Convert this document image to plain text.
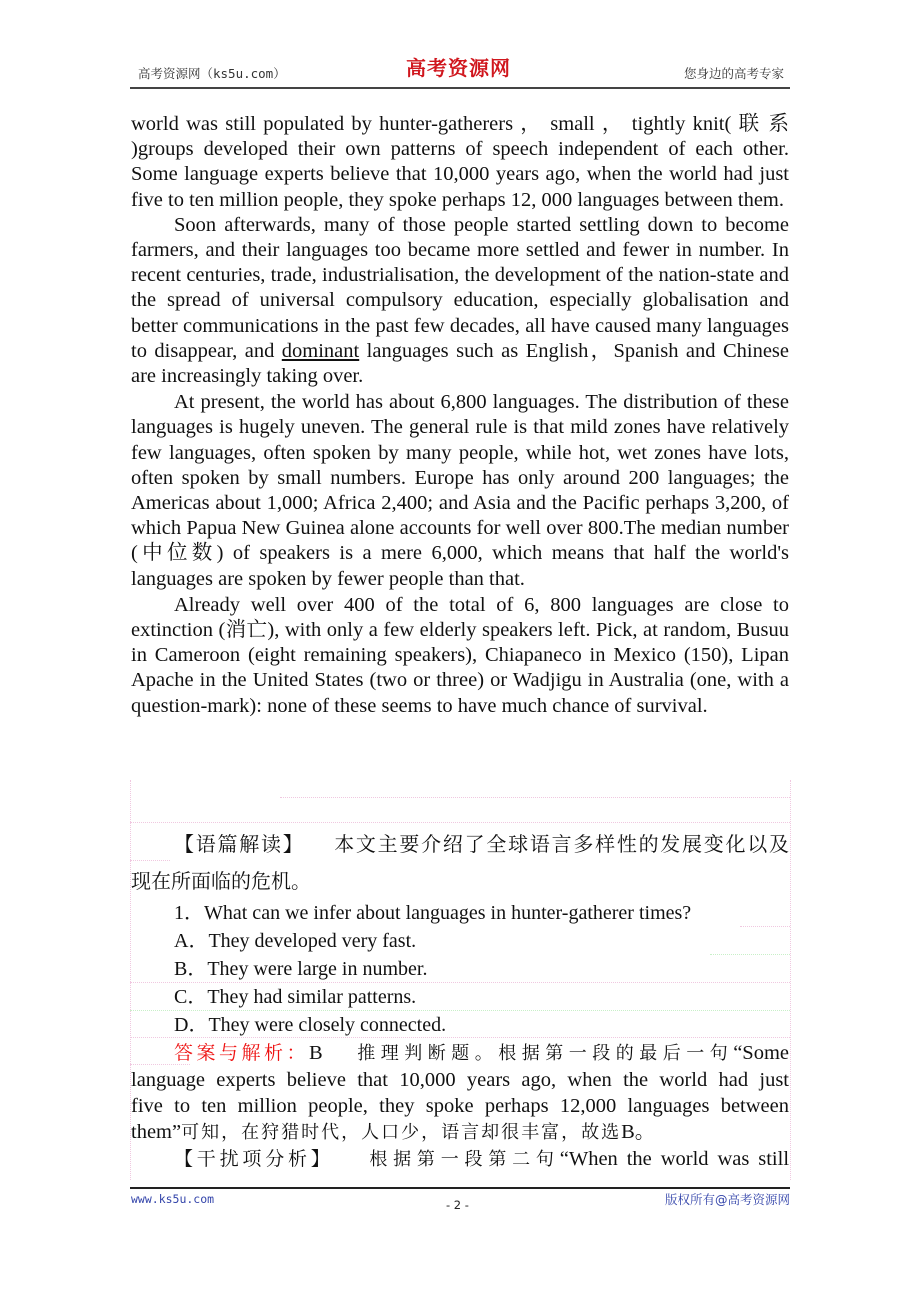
高考资源网（ks5u.com）	高考资源网	您身边的高考专家

world was still populated by hunter-gatherers ， small ， tightly knit( 联 系 )groups developed their own patterns of speech independent of each other. Some language experts believe that 10,000 years ago, when the world had just five to ten million people, they spoke perhaps 12, 000 languages between them.

Soon afterwards, many of those people started settling down to become farmers, and their languages too became more settled and fewer in number. In recent centuries, trade, industrialisation, the development of the nation-state and the spread of universal compulsory education, especially globalisation and better communications in the past few decades, all have caused many languages to disappear, and dominant languages such as English，Spanish and Chinese are increasingly taking over.

At present, the world has about 6,800 languages. The distribution of these languages is hugely uneven. The general rule is that mild zones have relatively few languages, often spoken by many people, while hot, wet zones have lots, often spoken by small numbers. Europe has only around 200 languages; the Americas about 1,000; Africa 2,400; and Asia and the Pacific perhaps 3,200, of which Papua New Guinea alone accounts for well over 800.The median number (中位数) of speakers is a mere 6,000, which means that half the world's languages are spoken by fewer people than that.

Already well over 400 of the total of 6, 800 languages are close to extinction (消亡), with only a few elderly speakers left. Pick, at random, Busuu in Cameroon (eight remaining speakers), Chiapaneco in Mexico (150), Lipan Apache in the United States (two or three) or Wadjigu in Australia (one, with a question-mark): none of these seems to have much chance of survival.

【语篇解读】 本文主要介绍了全球语言多样性的发展变化以及
现在所面临的危机。
1．What can we infer about languages in hunter-gatherer times?
A．They developed very fast.
B．They were large in number.
C．They had similar patterns.
D．They were closely connected.
答案与解析：B 推理判断题。根据第一段的最后一句“Some
language experts believe that 10,000 years ago, when the world had just
five to ten million people, they spoke perhaps 12,000 languages between
them”可知，在狩猎时代，人口少，语言却很丰富，故选B。
【干扰项分析】 根据第一段第二句“When the world was still
www.ks5u.com	- 2 -	版权所有@高考资源网
